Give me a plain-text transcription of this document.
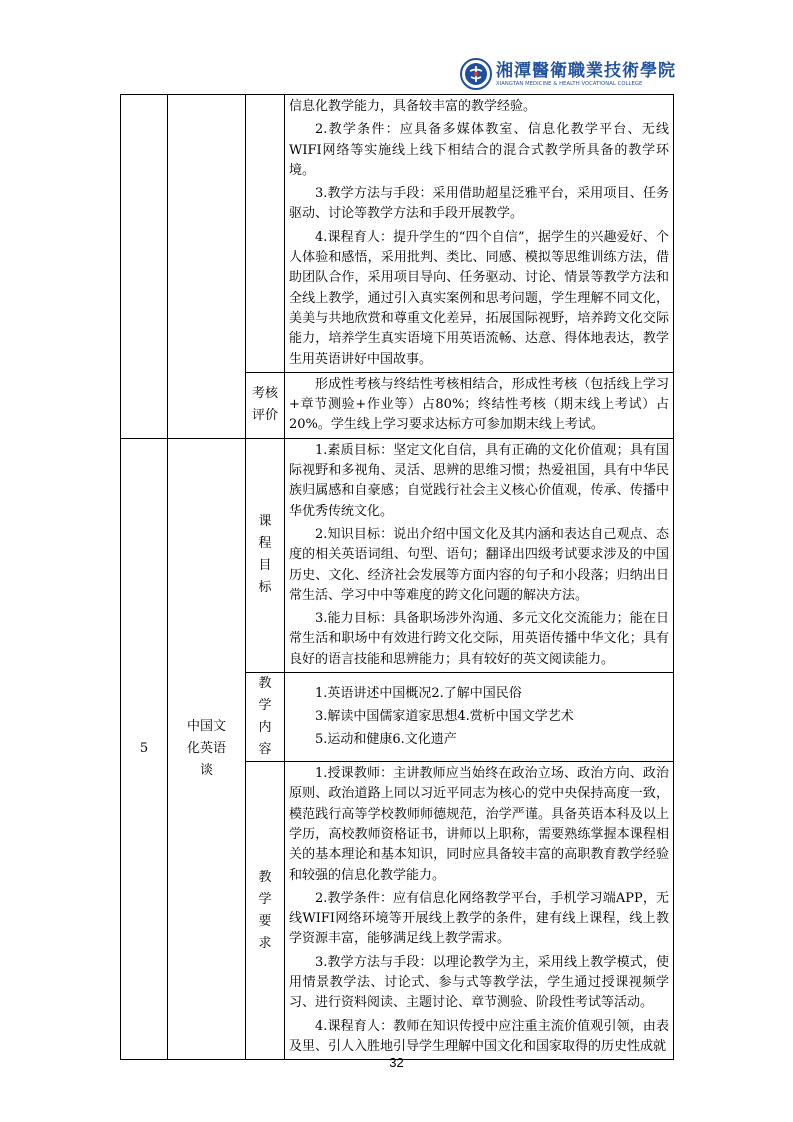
湘潭醫衛職業技術學院
XIANGTAN MEDICINE & HEALTH VOCATIONAL COLLEGE

			信息化教学能力，具备较丰富的教学经验。

2.教学条件：应具备多媒体教室、信息化教学平台、无线WIFI网络等实施线上线下相结合的混合式教学所具备的教学环境。

3.教学方法与手段：采用借助超星泛雅平台，采用项目、任务驱动、讨论等教学方法和手段开展教学。

4.课程育人：提升学生的“四个自信”，据学生的兴趣爱好、个人体验和感悟，采用批判、类比、同感、模拟等思维训练方法，借助团队合作，采用项目导向、任务驱动、讨论、情景等教学方法和全线上教学，通过引入真实案例和思考问题，学生理解不同文化，美美与共地欣赏和尊重文化差异，拓展国际视野，培养跨文化交际能力，培养学生真实语境下用英语流畅、达意、得体地表达，教学生用英语讲好中国故事。

		考核评价	形成性考核与终结性考核相结合，形成性考核（包括线上学习+章节测验+作业等）占80%；终结性考核（期末线上考试）占20%。学生线上学习要求达标方可参加期末线上考试。

5	中国文化英语谈	课程目标	1.素质目标：坚定文化自信，具有正确的文化价值观；具有国际视野和多视角、灵活、思辨的思维习惯；热爱祖国，具有中华民族归属感和自豪感；自觉践行社会主义核心价值观，传承、传播中华优秀传统文化。

2.知识目标：说出介绍中国文化及其内涵和表达自己观点、态度的相关英语词组、句型、语句；翻译出四级考试要求涉及的中国历史、文化、经济社会发展等方面内容的句子和小段落；归纳出日常生活、学习中中等难度的跨文化问题的解决方法。

3.能力目标：具备职场涉外沟通、多元文化交流能力；能在日常生活和职场中有效进行跨文化交际，用英语传播中华文化；具有良好的语言技能和思辨能力；具有较好的英文阅读能力。

		教学内容	1.英语讲述中国概况2.了解中国民俗

3.解读中国儒家道家思想4.赏析中国文学艺术

5.运动和健康6.文化遗产

		教学要求	1.授课教师：主讲教师应当始终在政治立场、政治方向、政治原则、政治道路上同以习近平同志为核心的党中央保持高度一致，模范践行高等学校教师师德规范，治学严谨。具备英语本科及以上学历，高校教师资格证书，讲师以上职称，需要熟练掌握本课程相关的基本理论和基本知识，同时应具备较丰富的高职教育教学经验和较强的信息化教学能力。

2.教学条件：应有信息化网络教学平台，手机学习端APP，无线WIFI网络环境等开展线上教学的条件，建有线上课程，线上教学资源丰富，能够满足线上教学需求。

3.教学方法与手段：以理论教学为主，采用线上教学模式，使用情景教学法、讨论式、参与式等教学法，学生通过授课视频学习、进行资料阅读、主题讨论、章节测验、阶段性考试等活动。

4.课程育人：教师在知识传授中应注重主流价值观引领，由表及里、引人入胜地引导学生理解中国文化和国家取得的历史性成就

32
